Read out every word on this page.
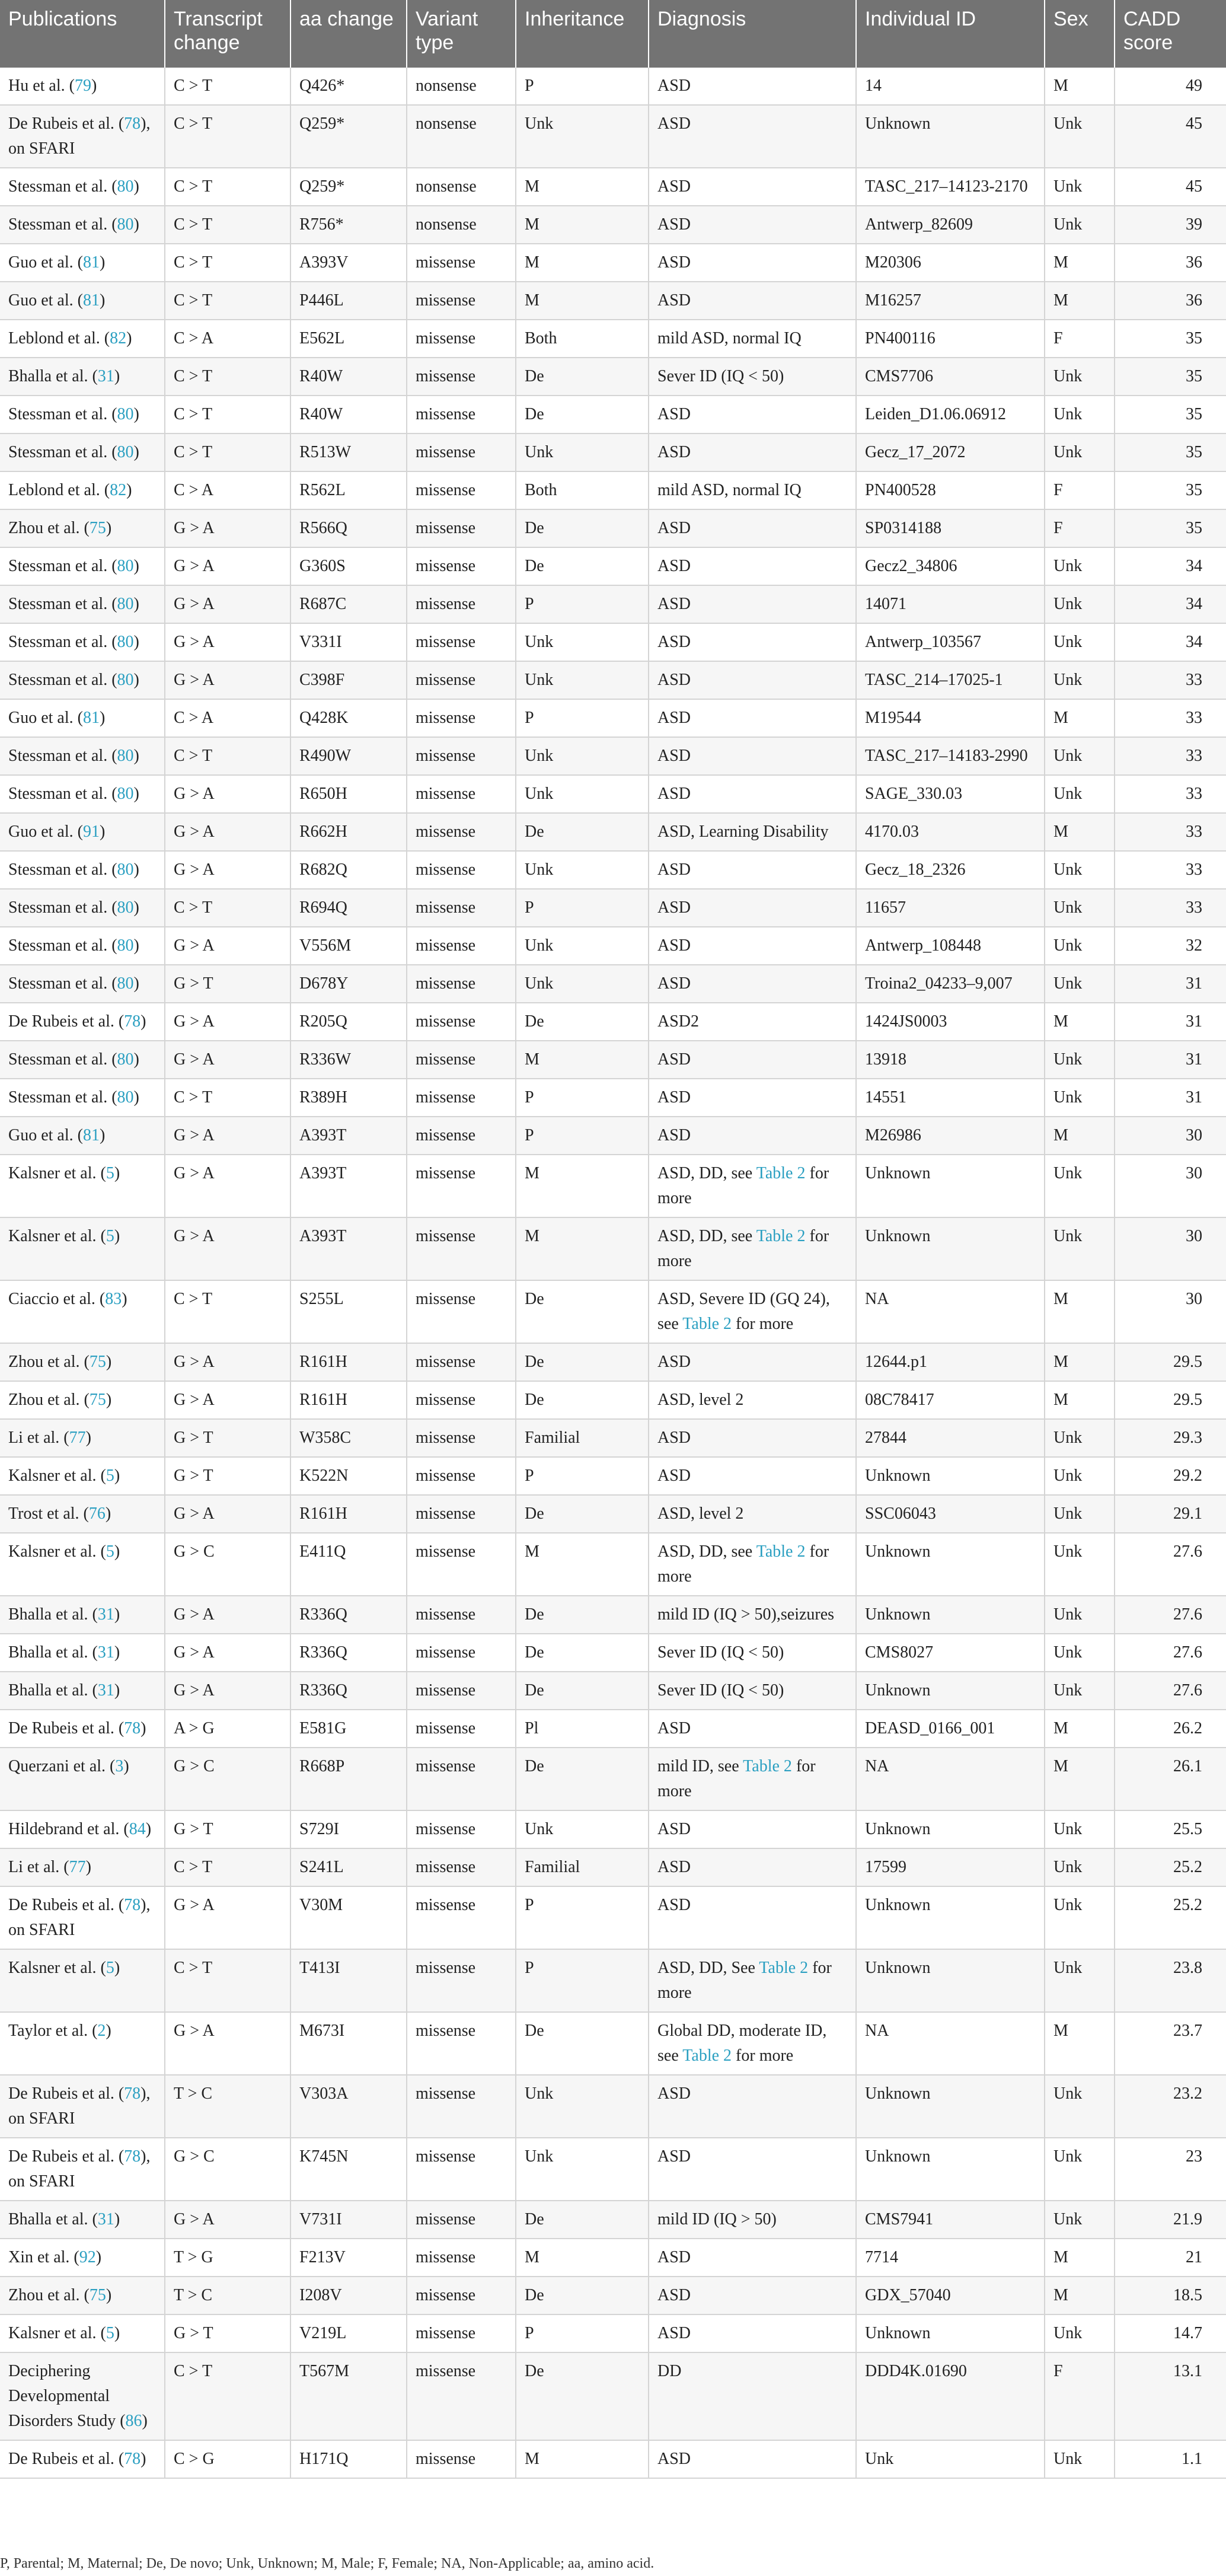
Publications	Transcript change	aa change	Variant type	Inheritance	Diagnosis	Individual ID	Sex	CADD score
Hu et al. (79)	C > T	Q426*	nonsense	P	ASD	14	M	49
De Rubeis et al. (78), on SFARI	C > T	Q259*	nonsense	Unk	ASD	Unknown	Unk	45
Stessman et al. (80)	C > T	Q259*	nonsense	M	ASD	TASC_217–14123-2170	Unk	45
Stessman et al. (80)	C > T	R756*	nonsense	M	ASD	Antwerp_82609	Unk	39
Guo et al. (81)	C > T	A393V	missense	M	ASD	M20306	M	36
Guo et al. (81)	C > T	P446L	missense	M	ASD	M16257	M	36
Leblond et al. (82)	C > A	E562L	missense	Both	mild ASD, normal IQ	PN400116	F	35
Bhalla et al. (31)	C > T	R40W	missense	De	Sever ID (IQ < 50)	CMS7706	Unk	35
Stessman et al. (80)	C > T	R40W	missense	De	ASD	Leiden_D1.06.06912	Unk	35
Stessman et al. (80)	C > T	R513W	missense	Unk	ASD	Gecz_17_2072	Unk	35
Leblond et al. (82)	C > A	R562L	missense	Both	mild ASD, normal IQ	PN400528	F	35
Zhou et al. (75)	G > A	R566Q	missense	De	ASD	SP0314188	F	35
Stessman et al. (80)	G > A	G360S	missense	De	ASD	Gecz2_34806	Unk	34
Stessman et al. (80)	G > A	R687C	missense	P	ASD	14071	Unk	34
Stessman et al. (80)	G > A	V331I	missense	Unk	ASD	Antwerp_103567	Unk	34
Stessman et al. (80)	G > A	C398F	missense	Unk	ASD	TASC_214–17025-1	Unk	33
Guo et al. (81)	C > A	Q428K	missense	P	ASD	M19544	M	33
Stessman et al. (80)	C > T	R490W	missense	Unk	ASD	TASC_217–14183-2990	Unk	33
Stessman et al. (80)	G > A	R650H	missense	Unk	ASD	SAGE_330.03	Unk	33
Guo et al. (91)	G > A	R662H	missense	De	ASD, Learning Disability	4170.03	M	33
Stessman et al. (80)	G > A	R682Q	missense	Unk	ASD	Gecz_18_2326	Unk	33
Stessman et al. (80)	C > T	R694Q	missense	P	ASD	11657	Unk	33
Stessman et al. (80)	G > A	V556M	missense	Unk	ASD	Antwerp_108448	Unk	32
Stessman et al. (80)	G > T	D678Y	missense	Unk	ASD	Troina2_04233–9,007	Unk	31
De Rubeis et al. (78)	G > A	R205Q	missense	De	ASD2	1424JS0003	M	31
Stessman et al. (80)	G > A	R336W	missense	M	ASD	13918	Unk	31
Stessman et al. (80)	C > T	R389H	missense	P	ASD	14551	Unk	31
Guo et al. (81)	G > A	A393T	missense	P	ASD	M26986	M	30
Kalsner et al. (5)	G > A	A393T	missense	M	ASD, DD, see Table 2 for more	Unknown	Unk	30
Kalsner et al. (5)	G > A	A393T	missense	M	ASD, DD, see Table 2 for more	Unknown	Unk	30
Ciaccio et al. (83)	C > T	S255L	missense	De	ASD, Severe ID (GQ 24), see Table 2 for more	NA	M	30
Zhou et al. (75)	G > A	R161H	missense	De	ASD	12644.p1	M	29.5
Zhou et al. (75)	G > A	R161H	missense	De	ASD, level 2	08C78417	M	29.5
Li et al. (77)	G > T	W358C	missense	Familial	ASD	27844	Unk	29.3
Kalsner et al. (5)	G > T	K522N	missense	P	ASD	Unknown	Unk	29.2
Trost et al. (76)	G > A	R161H	missense	De	ASD, level 2	SSC06043	Unk	29.1
Kalsner et al. (5)	G > C	E411Q	missense	M	ASD, DD, see Table 2 for more	Unknown	Unk	27.6
Bhalla et al. (31)	G > A	R336Q	missense	De	mild ID (IQ > 50),seizures	Unknown	Unk	27.6
Bhalla et al. (31)	G > A	R336Q	missense	De	Sever ID (IQ < 50)	CMS8027	Unk	27.6
Bhalla et al. (31)	G > A	R336Q	missense	De	Sever ID (IQ < 50)	Unknown	Unk	27.6
De Rubeis et al. (78)	A > G	E581G	missense	Pl	ASD	DEASD_0166_001	M	26.2
Querzani et al. (3)	G > C	R668P	missense	De	mild ID, see Table 2 for more	NA	M	26.1
Hildebrand et al. (84)	G > T	S729I	missense	Unk	ASD	Unknown	Unk	25.5
Li et al. (77)	C > T	S241L	missense	Familial	ASD	17599	Unk	25.2
De Rubeis et al. (78), on SFARI	G > A	V30M	missense	P	ASD	Unknown	Unk	25.2
Kalsner et al. (5)	C > T	T413I	missense	P	ASD, DD, See Table 2 for more	Unknown	Unk	23.8
Taylor et al. (2)	G > A	M673I	missense	De	Global DD, moderate ID, see Table 2 for more	NA	M	23.7
De Rubeis et al. (78), on SFARI	T > C	V303A	missense	Unk	ASD	Unknown	Unk	23.2
De Rubeis et al. (78), on SFARI	G > C	K745N	missense	Unk	ASD	Unknown	Unk	23
Bhalla et al. (31)	G > A	V731I	missense	De	mild ID (IQ > 50)	CMS7941	Unk	21.9
Xin et al. (92)	T > G	F213V	missense	M	ASD	7714	M	21
Zhou et al. (75)	T > C	I208V	missense	De	ASD	GDX_57040	M	18.5
Kalsner et al. (5)	G > T	V219L	missense	P	ASD	Unknown	Unk	14.7
Deciphering Developmental Disorders Study (86)	C > T	T567M	missense	De	DD	DDD4K.01690	F	13.1
De Rubeis et al. (78)	C > G	H171Q	missense	M	ASD	Unk	Unk	1.1
P, Parental; M, Maternal; De, De novo; Unk, Unknown; M, Male; F, Female; NA, Non-Applicable; aa, amino acid.
